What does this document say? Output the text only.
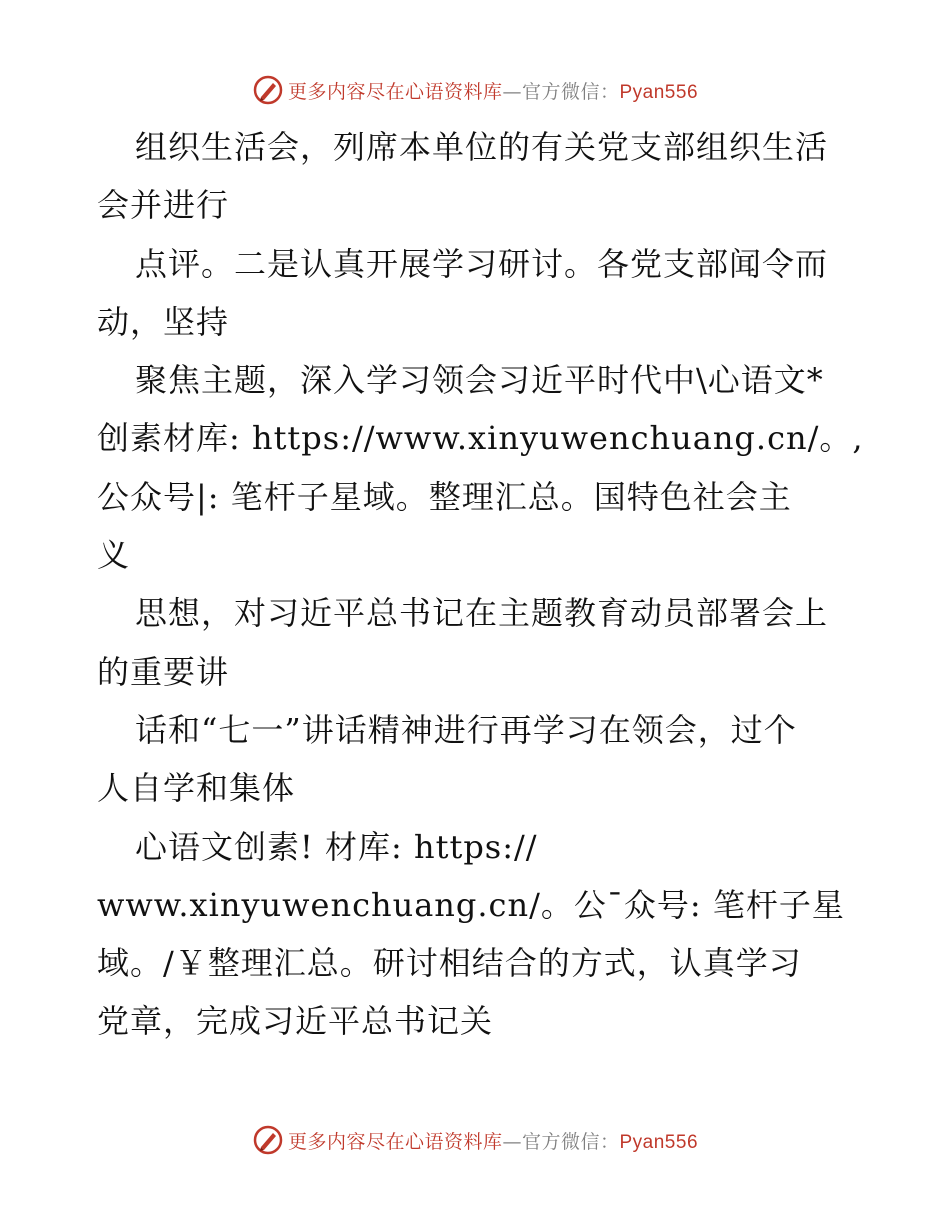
更多内容尽在心语资料库—官方微信：Pyan556
组织生活会，列席本单位的有关党支部组织生活
会并进行
点评。二是认真开展学习研讨。各党支部闻令而
动，坚持
聚焦主题，深入学习领会习近平时代中\心语文*
创素材库: https://www.xinyuwenchuang.cn/。,
公众号|: 笔杆子星域。整理汇总。国特色社会主
义
思想，对习近平总书记在主题教育动员部署会上
的重要讲
话和“七一”讲话精神进行再学习在领会，过个
人自学和集体
心语文创素! 材库: https://
www.xinyuwenchuang.cn/。公¯众号: 笔杆子星
域。/￥整理汇总。研讨相结合的方式，认真学习
党章，完成习近平总书记关
更多内容尽在心语资料库—官方微信：Pyan556
